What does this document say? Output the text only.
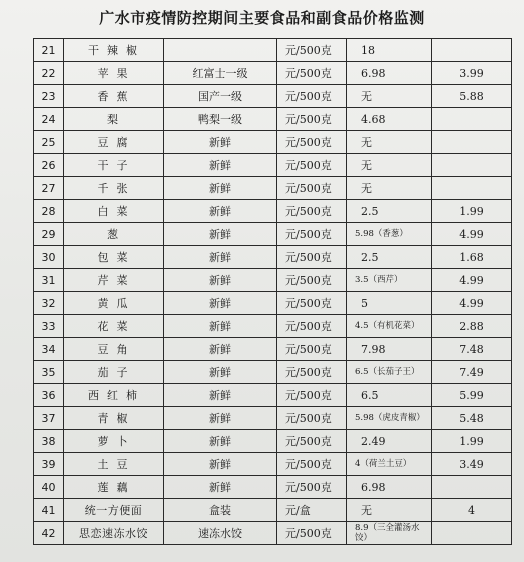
广水市疫情防控期间主要食品和副食品价格监测
21	干辣椒		元/500克	18	
22	苹果	红富士一级	元/500克	6.98	3.99
23	香蕉	国产一级	元/500克	无	5.88
24	梨	鸭梨一级	元/500克	4.68	
25	豆腐	新鲜	元/500克	无	
26	干子	新鲜	元/500克	无	
27	千张	新鲜	元/500克	无	
28	白菜	新鲜	元/500克	2.5	1.99
29	葱	新鲜	元/500克	5.98（香葱）	4.99
30	包菜	新鲜	元/500克	2.5	1.68
31	芹菜	新鲜	元/500克	3.5（西芹）	4.99
32	黄瓜	新鲜	元/500克	5	4.99
33	花菜	新鲜	元/500克	4.5（有机花菜）	2.88
34	豆角	新鲜	元/500克	7.98	7.48
35	茄子	新鲜	元/500克	6.5（长茄子王）	7.49
36	西红柿	新鲜	元/500克	6.5	5.99
37	青椒	新鲜	元/500克	5.98（虎皮青椒）	5.48
38	萝卜	新鲜	元/500克	2.49	1.99
39	土豆	新鲜	元/500克	4（荷兰土豆）	3.49
40	莲藕	新鲜	元/500克	6.98	
41	统一方便面	盒装	元/盒	无	4
42	思恋速冻水饺	速冻水饺	元/500克	8.9（三全灌汤水饺）	
